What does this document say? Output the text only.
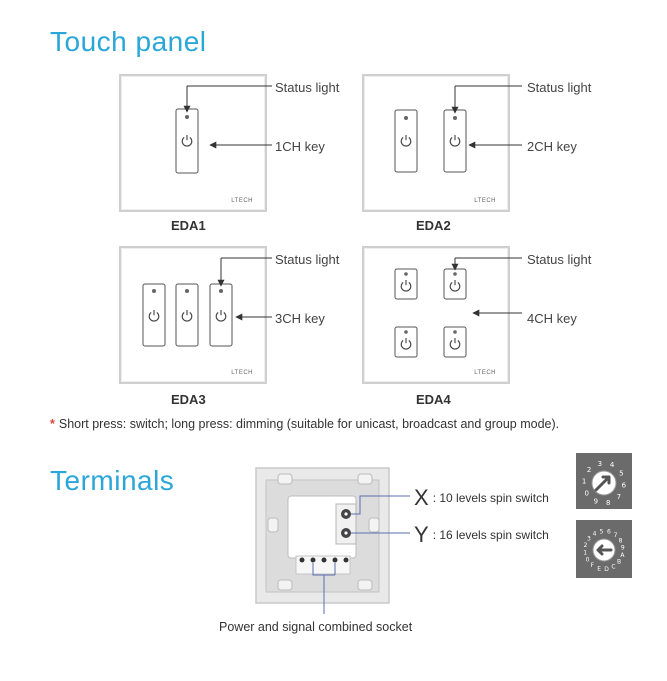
Touch panel
LTECH
EDA1
Status light
1CH key
LTECH
EDA2
Status light
2CH key
LTECH
EDA3
Status light
3CH key
LTECH
EDA4
Status light
4CH key
0
1
2
3 4
5
6
7
8
9
0
1
2
3
4 5 6 7
8
9
A
B
C
D
E
F
* Short press: switch; long press: dimming (suitable for unicast, broadcast and group mode).
Terminals
X : 10 levels spin switch
Y : 16 levels spin switch
Power and signal combined socket
